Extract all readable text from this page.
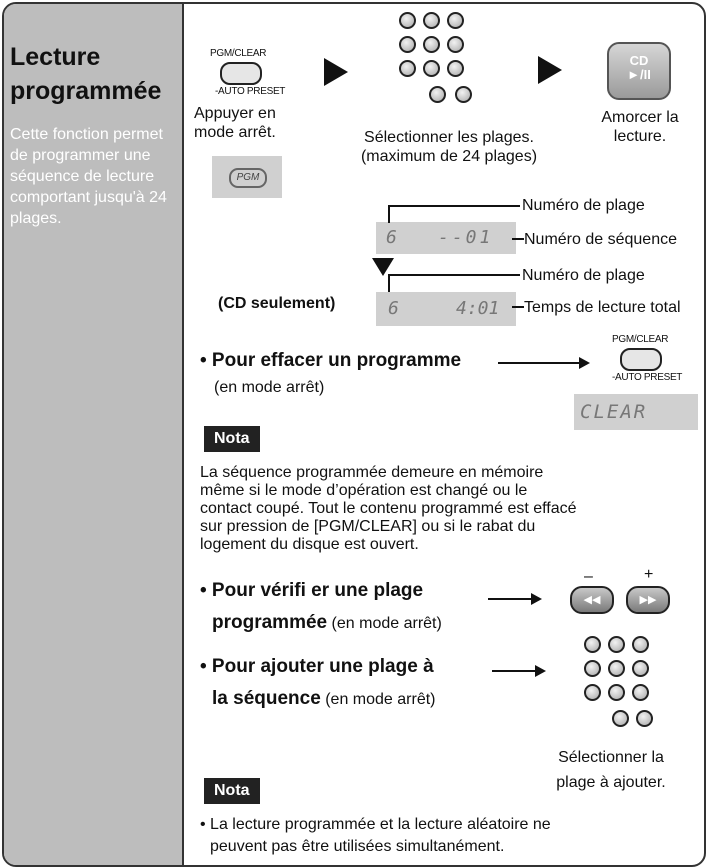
Lecture
programmée
Cette fonction permet de programmer une séquence de lecture comportant jusqu'à 24 plages.
PGM/CLEAR
-AUTO PRESET
Appuyer en
mode arrêt.
PGM
Sélectionner les plages.
(maximum de 24 plages)
CD
►/II
Amorcer la
lecture.
6 --01
Numéro de plage
Numéro de séquence
(CD seulement)	6	4:01
Numéro de plage
Temps de lecture total
• Pour effacer un programme
(en mode arrêt)
PGM/CLEAR
-AUTO PRESET
CLEAR
Nota
La séquence programmée demeure en mémoire
même si le mode d’opération est changé ou le
contact coupé. Tout le contenu programmé est effacé
sur pression de [PGM/CLEAR] ou si le rabat du
logement du disque est ouvert.
• Pour vérifi er une plage
programmée (en mode arrêt)
–	+
◀◀	▶▶
• Pour ajouter une plage à
la séquence (en mode arrêt)
Sélectionner la
plage à ajouter.
Nota
• La lecture programmée et la lecture aléatoire ne
peuvent pas être utilisées simultanément.
